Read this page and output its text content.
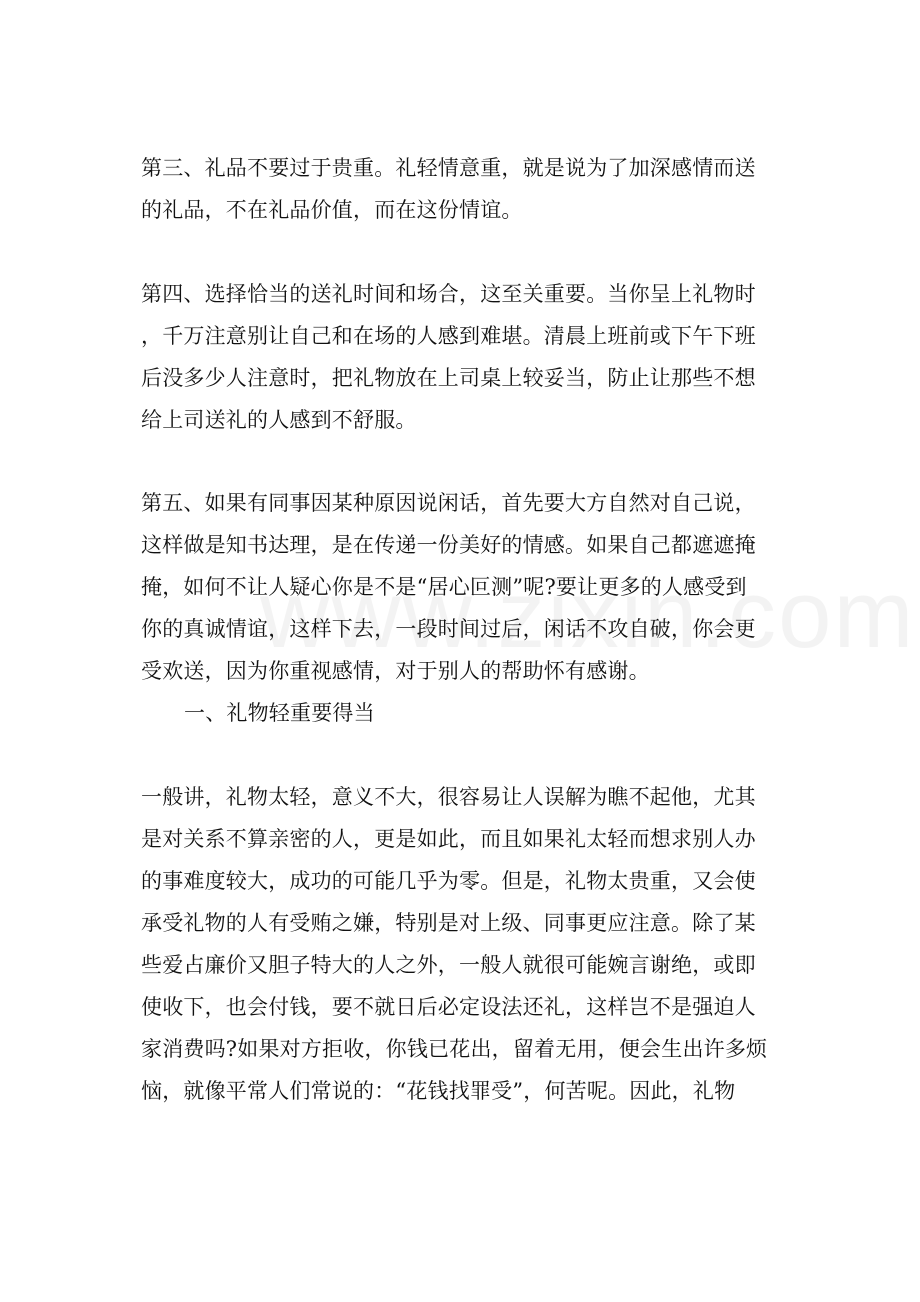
第三、礼品不要过于贵重。礼轻情意重，就是说为了加深感情而送
的礼品，不在礼品价值，而在这份情谊。
第四、选择恰当的送礼时间和场合，这至关重要。当你呈上礼物时
，千万注意别让自己和在场的人感到难堪。清晨上班前或下午下班
后没多少人注意时，把礼物放在上司桌上较妥当，防止让那些不想
给上司送礼的人感到不舒服。
第五、如果有同事因某种原因说闲话，首先要大方自然对自己说，
这样做是知书达理，是在传递一份美好的情感。如果自己都遮遮掩
掩，如何不让人疑心你是不是“居心叵测”呢?要让更多的人感受到
你的真诚情谊，这样下去，一段时间过后，闲话不攻自破，你会更
受欢送，因为你重视感情，对于别人的帮助怀有感谢。
一、礼物轻重要得当
一般讲，礼物太轻，意义不大，很容易让人误解为瞧不起他，尤其
是对关系不算亲密的人，更是如此，而且如果礼太轻而想求别人办
的事难度较大，成功的可能几乎为零。但是，礼物太贵重，又会使
承受礼物的人有受贿之嫌，特别是对上级、同事更应注意。除了某
些爱占廉价又胆子特大的人之外，一般人就很可能婉言谢绝，或即
使收下，也会付钱，要不就日后必定设法还礼，这样岂不是强迫人
家消费吗?如果对方拒收，你钱已花出，留着无用，便会生出许多烦
恼，就像平常人们常说的：“花钱找罪受”，何苦呢。因此，礼物
